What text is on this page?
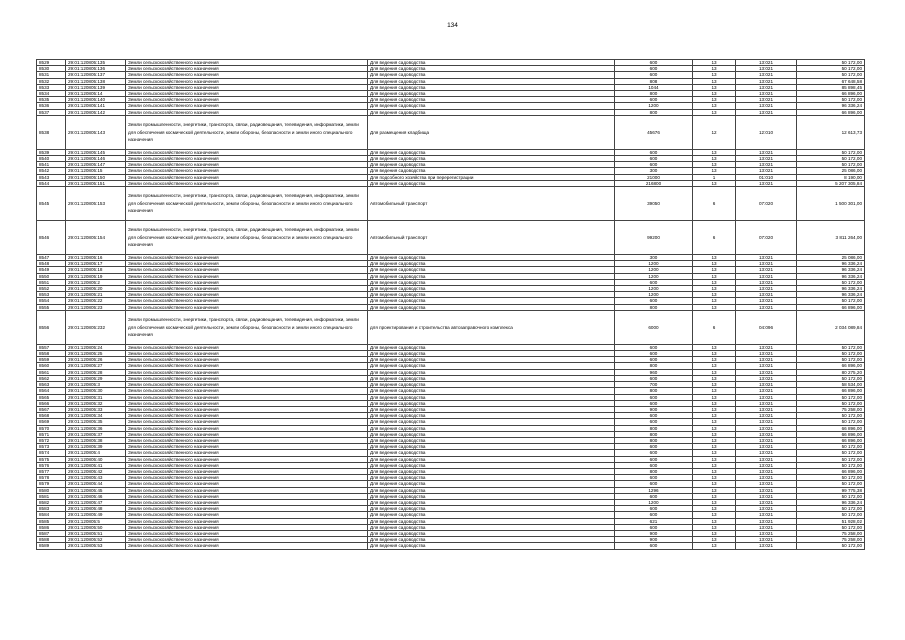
134
8529	29:01:120805:135	Земли сельскохозяйственного назначения	Для ведения садоводства	600	13	13:021	50 172,00
8530	29:01:120805:136	Земли сельскохозяйственного назначения	Для ведения садоводства	600	13	13:021	50 172,00
8531	29:01:120805:137	Земли сельскохозяйственного назначения	Для ведения садоводства	600	13	13:021	50 172,00
8532	29:01:120805:138	Земли сельскохозяйственного назначения	Для ведения садоводства	808	13	13:021	67 648,58
8533	29:01:120805:139	Земли сельскохозяйственного назначения	Для ведения садоводства	1044	13	13:021	85 898,45
8534	29:01:120805:14	Земли сельскохозяйственного назначения	Для ведения садоводства	800	13	13:021	66 896,00
8535	29:01:120805:140	Земли сельскохозяйственного назначения	Для ведения садоводства	600	13	13:021	50 172,00
8536	29:01:120805:141	Земли сельскохозяйственного назначения	Для ведения садоводства	1200	13	13:021	96 336,24
8537	29:01:120805:142	Земли сельскохозяйственного назначения	Для ведения садоводства	800	13	13:021	66 896,00
8538	29:01:120805:143	Земли промышленности, энергетики, транспорта, связи, радиовещания, телевидения, информатики, земли для обеспечения космической деятельности, земли обороны, безопасности и земли иного специального назначения	Для размещения кладбища	45676	12	12:010	12 613,73
8539	29:01:120805:145	Земли сельскохозяйственного назначения	Для ведения садоводства	600	13	13:021	50 172,00
8540	29:01:120805:146	Земли сельскохозяйственного назначения	Для ведения садоводства	600	13	13:021	50 172,00
8541	29:01:120805:147	Земли сельскохозяйственного назначения	Для ведения садоводства	600	13	13:021	50 172,00
8542	29:01:120805:15	Земли сельскохозяйственного назначения	Для ведения садоводства	300	13	13:021	25 086,00
8543	29:01:120805:150	Земли сельскохозяйственного назначения	Для подсобного хозяйства при перерегистрации	21000	1	01:010	8 190,00
8544	29:01:120805:151	Земли сельскохозяйственного назначения	Для ведения садоводства	216800	13	13:021	5 207 305,84
8545	29:01:120805:153	Земли промышленности, энергетики, транспорта, связи, радиовещания, телевидения, информатики, земли для обеспечения космической деятельности, земли обороны, безопасности и земли иного специального назначения	Автомобильный транспорт	39050	6	07:020	1 500 301,00
8546	29:01:120805:154	Земли промышленности, энергетики, транспорта, связи, радиовещания, телевидения, информатики, земли для обеспечения космической деятельности, земли обороны, безопасности и земли иного специального назначения	Автомобильный транспорт	99200	6	07:020	3 811 264,00
8547	29:01:120805:16	Земли сельскохозяйственного назначения	Для ведения садоводства	300	13	13:021	25 086,00
8548	29:01:120805:17	Земли сельскохозяйственного назначения	Для ведения садоводства	1200	13	13:021	96 336,24
8549	29:01:120805:18	Земли сельскохозяйственного назначения	Для ведения садоводства	1200	13	13:021	96 336,24
8550	29:01:120805:19	Земли сельскохозяйственного назначения	Для ведения садоводства	1200	13	13:021	96 336,24
8551	29:01:120805:2	Земли сельскохозяйственного назначения	Для ведения садоводства	600	13	13:021	50 172,00
8552	29:01:120805:20	Земли сельскохозяйственного назначения	Для ведения садоводства	1200	13	13:021	96 336,24
8553	29:01:120805:21	Земли сельскохозяйственного назначения	Для ведения садоводства	1200	13	13:021	96 336,24
8554	29:01:120805:22	Земли сельскохозяйственного назначения	Для ведения садоводства	600	13	13:021	50 172,00
8555	29:01:120805:23	Земли сельскохозяйственного назначения	Для ведения садоводства	800	13	13:021	66 896,00
8556	29:01:120805:232	Земли промышленности, энергетики, транспорта, связи, радиовещания, телевидения, информатики, земли для обеспечения космической деятельности, земли обороны, безопасности и земли иного специального назначения	для проектирования и строительства автозаправочного комплекса	6000	6	04:096	2 034 089,84
8557	29:01:120805:24	Земли сельскохозяйственного назначения	Для ведения садоводства	600	13	13:021	50 172,00
8558	29:01:120805:25	Земли сельскохозяйственного назначения	Для ведения садоводства	600	13	13:021	50 172,00
8559	29:01:120805:26	Земли сельскохозяйственного назначения	Для ведения садоводства	600	13	13:021	50 172,00
8560	29:01:120805:27	Земли сельскохозяйственного назначения	Для ведения садоводства	800	13	13:021	66 896,00
8561	29:01:120805:28	Земли сельскохозяйственного назначения	Для ведения садоводства	960	13	13:021	80 275,20
8562	29:01:120805:29	Земли сельскохозяйственного назначения	Для ведения садоводства	600	13	13:021	50 172,00
8563	29:01:120805:3	Земли сельскохозяйственного назначения	Для ведения садоводства	700	13	13:021	58 534,00
8564	29:01:120805:30	Земли сельскохозяйственного назначения	Для ведения садоводства	800	13	13:021	66 896,00
8565	29:01:120805:31	Земли сельскохозяйственного назначения	Для ведения садоводства	600	13	13:021	50 172,00
8566	29:01:120805:32	Земли сельскохозяйственного назначения	Для ведения садоводства	600	13	13:021	50 172,00
8567	29:01:120805:33	Земли сельскохозяйственного назначения	Для ведения садоводства	900	13	13:021	75 258,00
8568	29:01:120805:34	Земли сельскохозяйственного назначения	Для ведения садоводства	600	13	13:021	50 172,00
8569	29:01:120805:35	Земли сельскохозяйственного назначения	Для ведения садоводства	600	13	13:021	50 172,00
8570	29:01:120805:36	Земли сельскохозяйственного назначения	Для ведения садоводства	800	13	13:021	66 896,00
8571	29:01:120805:37	Земли сельскохозяйственного назначения	Для ведения садоводства	800	13	13:021	66 896,00
8572	29:01:120805:38	Земли сельскохозяйственного назначения	Для ведения садоводства	800	13	13:021	66 896,00
8573	29:01:120805:39	Земли сельскохозяйственного назначения	Для ведения садоводства	600	13	13:021	50 172,00
8574	29:01:120805:4	Земли сельскохозяйственного назначения	Для ведения садоводства	600	13	13:021	50 172,00
8575	29:01:120805:40	Земли сельскохозяйственного назначения	Для ведения садоводства	600	13	13:021	50 172,00
8576	29:01:120805:41	Земли сельскохозяйственного назначения	Для ведения садоводства	600	13	13:021	50 172,00
8577	29:01:120805:42	Земли сельскохозяйственного назначения	Для ведения садоводства	800	13	13:021	66 896,00
8578	29:01:120805:43	Земли сельскохозяйственного назначения	Для ведения садоводства	600	13	13:021	50 172,00
8579	29:01:120805:44	Земли сельскохозяйственного назначения	Для ведения садоводства	600	13	13:021	50 172,00
8580	29:01:120805:45	Земли сельскохозяйственного назначения	Для ведения садоводства	1296	13	13:021	99 775,38
8581	29:01:120805:46	Земли сельскохозяйственного назначения	Для ведения садоводства	600	13	13:021	50 172,00
8582	29:01:120805:47	Земли сельскохозяйственного назначения	Для ведения садоводства	1200	13	13:021	96 336,24
8583	29:01:120805:48	Земли сельскохозяйственного назначения	Для ведения садоводства	600	13	13:021	50 172,00
8584	29:01:120805:49	Земли сельскохозяйственного назначения	Для ведения садоводства	600	13	13:021	50 172,00
8585	29:01:120805:5	Земли сельскохозяйственного назначения	Для ведения садоводства	621	13	13:021	51 928,02
8586	29:01:120805:50	Земли сельскохозяйственного назначения	Для ведения садоводства	600	13	13:021	50 172,00
8587	29:01:120805:51	Земли сельскохозяйственного назначения	Для ведения садоводства	900	13	13:021	75 258,00
8588	29:01:120805:52	Земли сельскохозяйственного назначения	Для ведения садоводства	900	13	13:021	75 258,00
8589	29:01:120805:53	Земли сельскохозяйственного назначения	Для ведения садоводства	600	13	13:021	50 172,00
